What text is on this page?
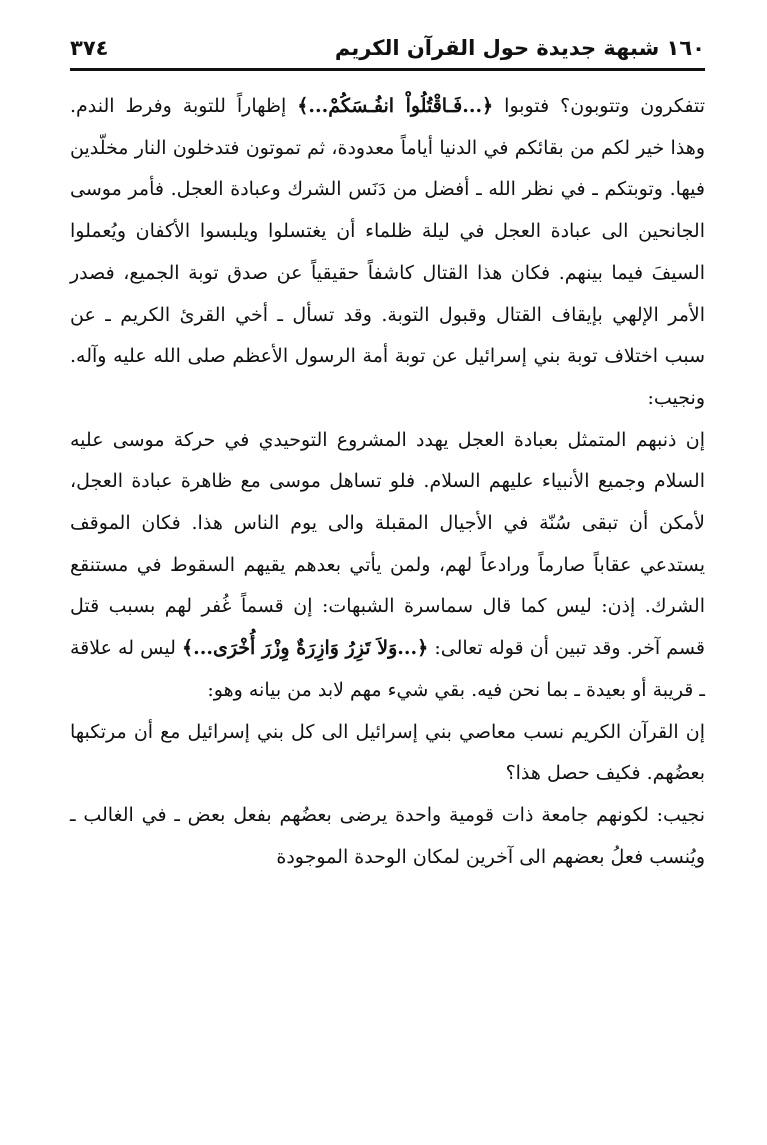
١٦٠ شبهة جديدة حول القرآن الكريم
٣٧٤

تتفكرون وتتوبون؟ فتوبوا ﴿...فَـاقْتُلُواْ انفُـسَكُمْ...﴾ إظهاراً للتوبة وفرط الندم. وهذا خير لكم من بقائكم في الدنيا أياماً معدودة، ثم تموتون فتدخلون النار مخلّدين فيها. وتوبتكم ـ في نظر الله ـ أفضل من دَنَس الشرك وعبادة العجل. فأمر موسى الجانحين الى عبادة العجل في ليلة ظلماء أن يغتسلوا ويلبسوا الأكفان ويُعملوا السيفَ فيما بينهم. فكان هذا القتال كاشفاً حقيقياً عن صدق توبة الجميع، فصدر الأمر الإلهي بإيقاف القتال وقبول التوبة. وقد تسأل ـ أخي القرئ الكريم ـ عن سبب اختلاف توبة بني إسرائيل عن توبة أمة الرسول الأعظم صلى الله عليه وآله. ونجيب:

إن ذنبهم المتمثل بعبادة العجل يهدد المشروع التوحيدي في حركة موسى عليه السلام وجميع الأنبياء عليهم السلام. فلو تساهل موسى مع ظاهرة عبادة العجل، لأمكن أن تبقى سُنّة في الأجيال المقبلة والى يوم الناس هذا. فكان الموقف يستدعي عقاباً صارماً ورادعاً لهم، ولمن يأتي بعدهم يقيهم السقوط في مستنقع الشرك. إذن: ليس كما قال سماسرة الشبهات: إن قسماً غُفر لهم بسبب قتل قسم آخر. وقد تبين أن قوله تعالى: ﴿...وَلاَ تَزِرُ وَازِرَةٌ وِزْرَ أُخْرَى...﴾ ليس له علاقة ـ قريبة أو بعيدة ـ بما نحن فيه. بقي شيء مهم لابد من بيانه وهو:

إن القرآن الكريم نسب معاصي بني إسرائيل الى كل بني إسرائيل مع أن مرتكبها بعضُهم. فكيف حصل هذا؟

نجيب: لكونهم جامعة ذات قومية واحدة يرضى بعضُهم بفعل بعض ـ في الغالب ـ ويُنسب فعلُ بعضهم الى آخرين لمكان الوحدة الموجودة
